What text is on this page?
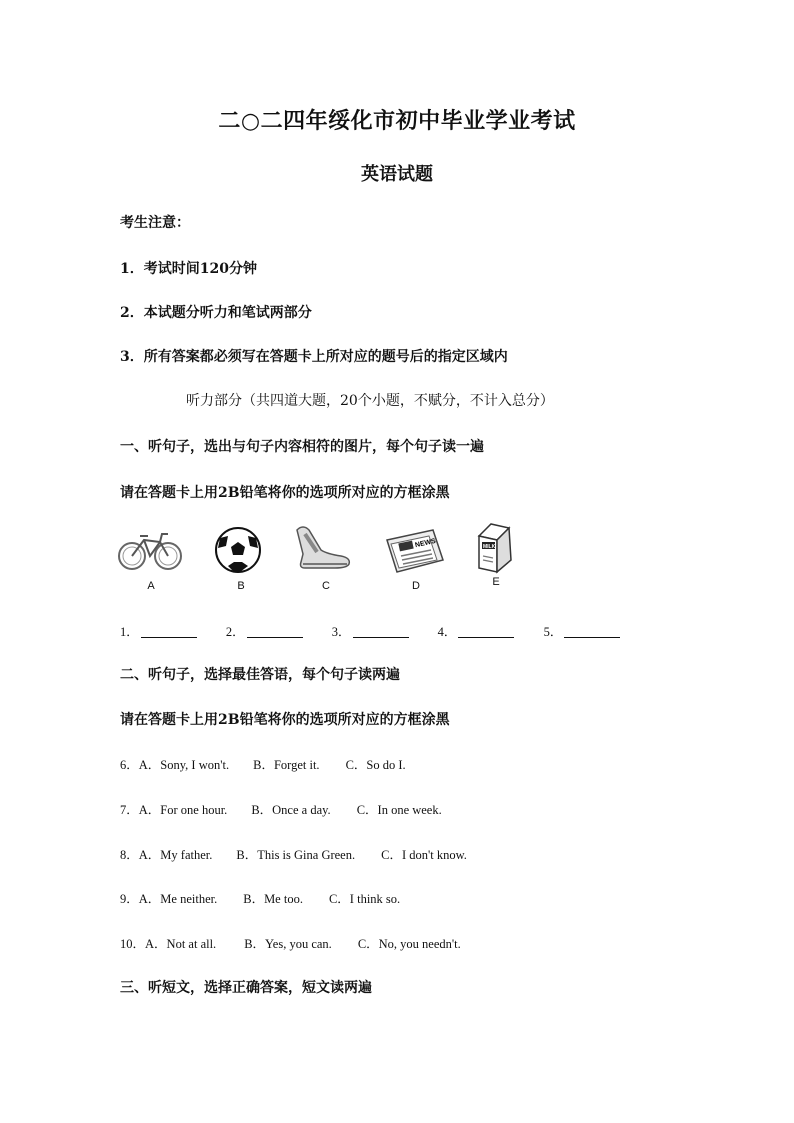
二○二四年绥化市初中毕业学业考试
英语试题
考生注意：
1．考试时间120分钟
2．本试题分听力和笔试两部分
3．所有答案都必须写在答题卡上所对应的题号后的指定区域内
听力部分（共四道大题，20个小题，不赋分，不计入总分）
一、听句子，选出与句子内容相符的图片，每个句子读一遍
请在答题卡上用2B铅笔将你的选项所对应的方框涂黑
A	B	C
NEWS
D
MILK
E
1．	2．	3．	4．	5．
二、听句子，选择最佳答语，每个句子读两遍
请在答题卡上用2B铅笔将你的选项所对应的方框涂黑
6．A．Sony, I won't. B．Forget it. C．So do I.
7．A．For one hour. B．Once a day. C．In one week.
8．A．My father. B．This is Gina Green. C．I don't know.
9．A．Me neither. B．Me too. C．I think so.
10．A．Not at all. B．Yes, you can. C．No, you needn't.
三、听短文，选择正确答案，短文读两遍
